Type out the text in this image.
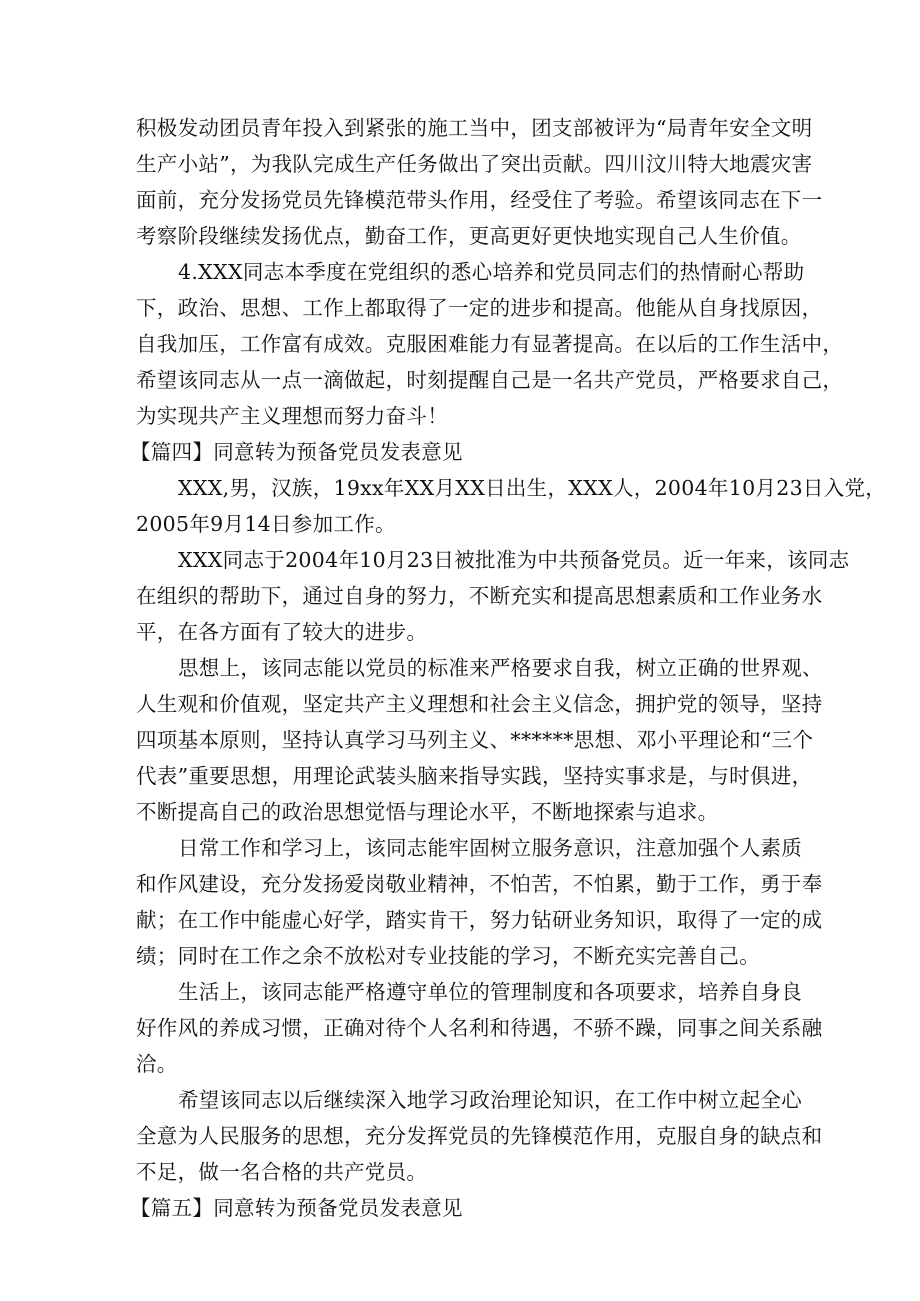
积极发动团员青年投入到紧张的施工当中，团支部被评为“局青年安全文明

生产小站”，为我队完成生产任务做出了突出贡献。四川汶川特大地震灾害

面前，充分发扬党员先锋模范带头作用，经受住了考验。希望该同志在下一

考察阶段继续发扬优点，勤奋工作，更高更好更快地实现自己人生价值。

4.XXX同志本季度在党组织的悉心培养和党员同志们的热情耐心帮助

下，政治、思想、工作上都取得了一定的进步和提高。他能从自身找原因，

自我加压，工作富有成效。克服困难能力有显著提高。在以后的工作生活中，

希望该同志从一点一滴做起，时刻提醒自己是一名共产党员，严格要求自己，

为实现共产主义理想而努力奋斗！

【篇四】同意转为预备党员发表意见

XXX,男，汉族，19xx年XX月XX日出生，XXX人，2004年10月23日入党，

2005年9月14日参加工作。

XXX同志于2004年10月23日被批准为中共预备党员。近一年来，该同志

在组织的帮助下，通过自身的努力，不断充实和提高思想素质和工作业务水

平，在各方面有了较大的进步。

思想上，该同志能以党员的标准来严格要求自我，树立正确的世界观、

人生观和价值观，坚定共产主义理想和社会主义信念，拥护党的领导，坚持

四项基本原则，坚持认真学习马列主义、******思想、邓小平理论和“三个

代表”重要思想，用理论武装头脑来指导实践，坚持实事求是，与时俱进，

不断提高自己的政治思想觉悟与理论水平，不断地探索与追求。

日常工作和学习上，该同志能牢固树立服务意识，注意加强个人素质

和作风建设，充分发扬爱岗敬业精神，不怕苦，不怕累，勤于工作，勇于奉

献；在工作中能虚心好学，踏实肯干，努力钻研业务知识，取得了一定的成

绩；同时在工作之余不放松对专业技能的学习，不断充实完善自己。

生活上，该同志能严格遵守单位的管理制度和各项要求，培养自身良

好作风的养成习惯，正确对待个人名利和待遇，不骄不躁，同事之间关系融

洽。

希望该同志以后继续深入地学习政治理论知识，在工作中树立起全心

全意为人民服务的思想，充分发挥党员的先锋模范作用，克服自身的缺点和

不足，做一名合格的共产党员。

【篇五】同意转为预备党员发表意见
